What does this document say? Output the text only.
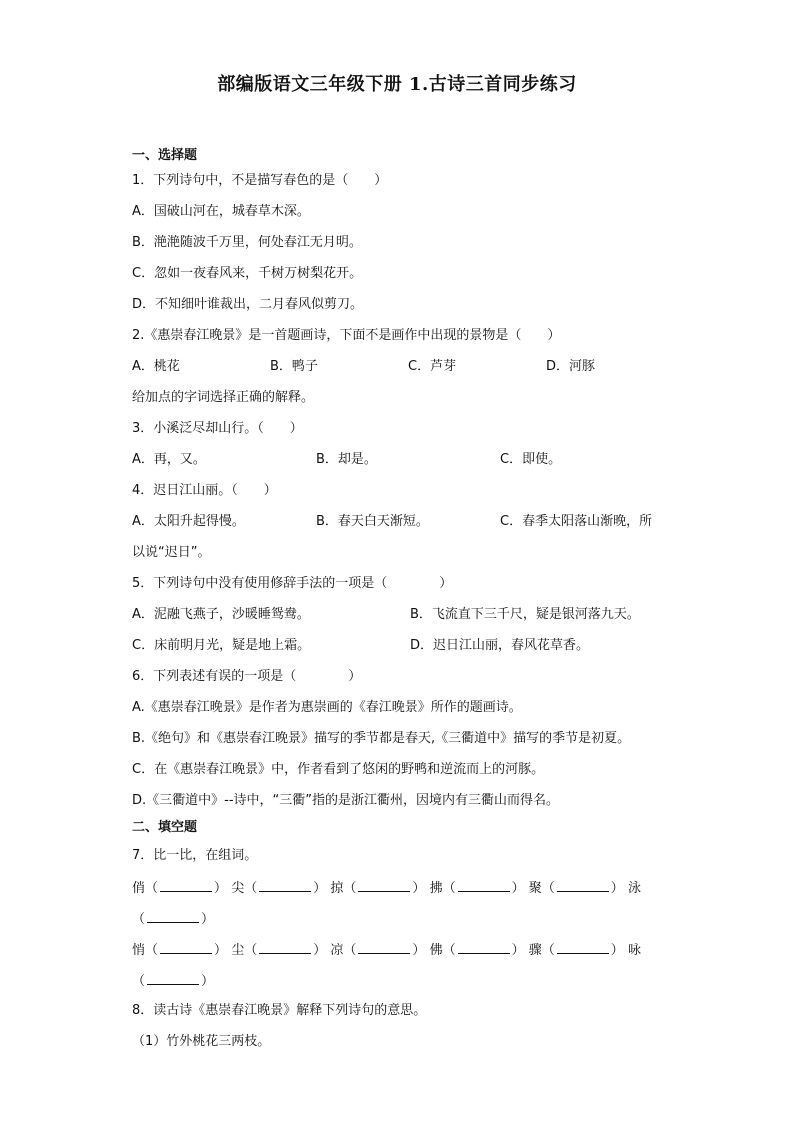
部编版语文三年级下册 1.古诗三首同步练习
一、选择题
1．下列诗句中，不是描写春色的是（　　）
A．国破山河在，城春草木深。
B．滟滟随波千万里，何处春江无月明。
C．忽如一夜春风来，千树万树梨花开。
D．不知细叶谁裁出，二月春风似剪刀。
2.《惠崇春江晚景》是一首题画诗，下面不是画作中出现的景物是（　　）
A．桃花	B．鸭子	C．芦芽	D．河豚
给加点的字词选择正确的解释。
3．小溪泛尽却山行。（　　）
A．再，又。	B．却是。	C．即使。
4．迟日江山丽。（　　）
A．太阳升起得慢。	B．春天白天渐短。	C．春季太阳落山渐晚，所
以说“迟日”。
5．下列诗句中没有使用修辞手法的一项是（　　　　）
A．泥融飞燕子，沙暖睡鸳鸯。	B．飞流直下三千尺，疑是银河落九天。
C．床前明月光，疑是地上霜。	D．迟日江山丽，春风花草香。
6．下列表述有误的一项是（　　　　）
A.《惠崇春江晚景》是作者为惠崇画的《春江晚景》所作的题画诗。
B.《绝句》和《惠崇春江晚景》描写的季节都是春天,《三衢道中》描写的季节是初夏。
C．在《惠崇春江晚景》中，作者看到了悠闲的野鸭和逆流而上的河豚。
D.《三衢道中》--诗中，“三衢”指的是浙江衢州，因境内有三衢山而得名。
二、填空题
7．比一比，在组词。
俏（	） 尖（	） 掠（	） 拂（	） 聚（	） 泳
（	）
悄（	） 尘（	） 凉（	） 佛（	） 骤（	） 咏
（	）
8．读古诗《惠崇春江晚景》解释下列诗句的意思。
（1）竹外桃花三两枝。
